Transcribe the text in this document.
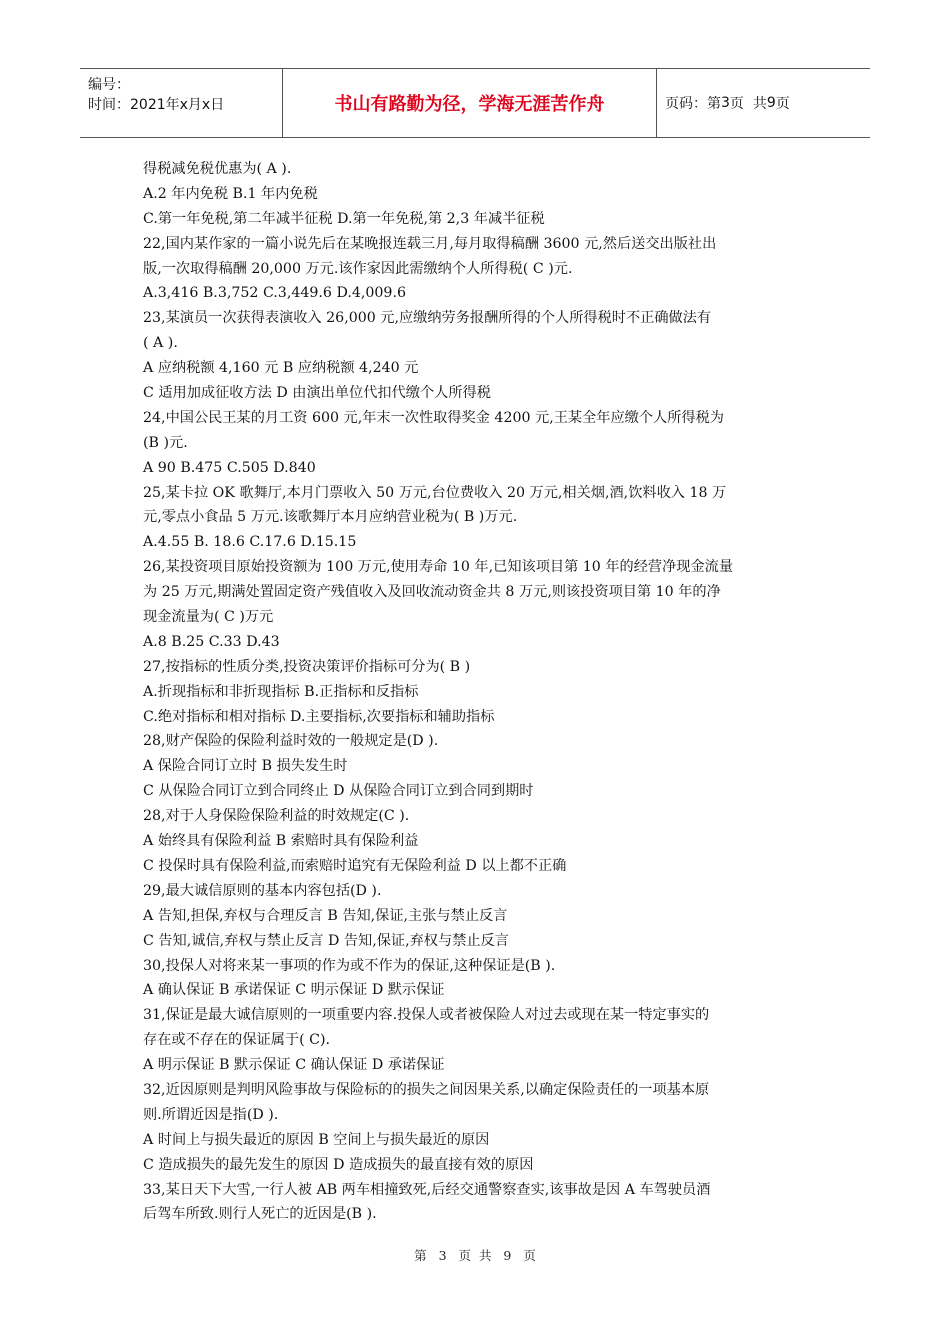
编号：
时间：2021年x月x日	书山有路勤为径，学海无涯苦作舟	页码：第 3 页  共 9 页
得税减免税优惠为( A ).
A.2 年内免税 B.1 年内免税
C.第一年免税,第二年减半征税 D.第一年免税,第 2,3 年减半征税
22,国内某作家的一篇小说先后在某晚报连载三月,每月取得稿酬 3600 元,然后送交出版社出
版,一次取得稿酬 20,000 万元.该作家因此需缴纳个人所得税( C )元.
A.3,416 B.3,752 C.3,449.6 D.4,009.6
23,某演员一次获得表演收入 26,000 元,应缴纳劳务报酬所得的个人所得税时不正确做法有
( A ).
A 应纳税额 4,160 元 B 应纳税额 4,240 元
C 适用加成征收方法 D 由演出单位代扣代缴个人所得税
24,中国公民王某的月工资 600 元,年末一次性取得奖金 4200 元,王某全年应缴个人所得税为
(B )元.
A 90 B.475 C.505 D.840
25,某卡拉 OK 歌舞厅,本月门票收入 50 万元,台位费收入 20 万元,相关烟,酒,饮料收入 18 万
元,零点小食品 5 万元.该歌舞厅本月应纳营业税为( B )万元.
A.4.55 B. 18.6 C.17.6 D.15.15
26,某投资项目原始投资额为 100 万元,使用寿命 10 年,已知该项目第 10 年的经营净现金流量
为 25 万元,期满处置固定资产残值收入及回收流动资金共 8 万元,则该投资项目第 10 年的净
现金流量为( C )万元
A.8 B.25 C.33 D.43
27,按指标的性质分类,投资决策评价指标可分为( B )
A.折现指标和非折现指标 B.正指标和反指标
C.绝对指标和相对指标 D.主要指标,次要指标和辅助指标
28,财产保险的保险利益时效的一般规定是(D ).
A 保险合同订立时 B 损失发生时
C 从保险合同订立到合同终止 D 从保险合同订立到合同到期时
28,对于人身保险保险利益的时效规定(C ).
A 始终具有保险利益 B 索赔时具有保险利益
C 投保时具有保险利益,而索赔时追究有无保险利益 D 以上都不正确
29,最大诚信原则的基本内容包括(D ).
A 告知,担保,弃权与合理反言 B 告知,保证,主张与禁止反言
C 告知,诚信,弃权与禁止反言 D 告知,保证,弃权与禁止反言
30,投保人对将来某一事项的作为或不作为的保证,这种保证是(B ).
A 确认保证 B 承诺保证 C 明示保证 D 默示保证
31,保证是最大诚信原则的一项重要内容.投保人或者被保险人对过去或现在某一特定事实的
存在或不存在的保证属于( C).
A 明示保证 B 默示保证 C 确认保证 D 承诺保证
32,近因原则是判明风险事故与保险标的的损失之间因果关系,以确定保险责任的一项基本原
则.所谓近因是指(D ).
A 时间上与损失最近的原因 B 空间上与损失最近的原因
C 造成损失的最先发生的原因 D 造成损失的最直接有效的原因
33,某日天下大雪,一行人被 AB 两车相撞致死,后经交通警察查实,该事故是因 A 车驾驶员酒
后驾车所致.则行人死亡的近因是(B ).
第 3 页  共 9 页
